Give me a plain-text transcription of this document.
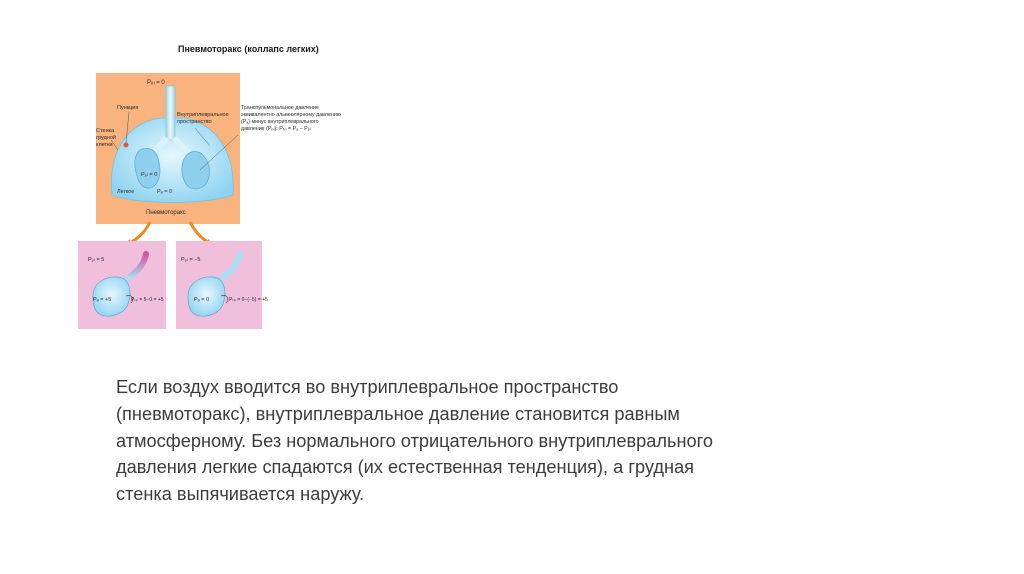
Пневмоторакс (коллапс легких)
Pₚₗ = 0
Пункция
Внутриплевральное
пространство
Стенка
грудной
клетки
Pₚₗ = 0
Легкое	Pₐ = 0
Пневмоторакс
Транспульмональное давление
эквивалентно альвеолярному давлению
(Pₐ) минус внутриплеврального
давление (Pₚₗ): Pₜₚ = Pₐ − Pₚₗ
Pₚₗ = 5
Pₐ = +5	Pₜₚ = 5−0 = +5
Pₚₗ = −5
Pₐ = 0	Pₜₚ = 0−(−5) = +5
Если воздух вводится во внутриплевральное пространство
(пневмоторакс), внутриплевральное давление становится равным
атмосферному. Без нормального отрицательного внутриплеврального
давления легкие спадаются (их естественная тенденция), а грудная
стенка выпячивается наружу.
